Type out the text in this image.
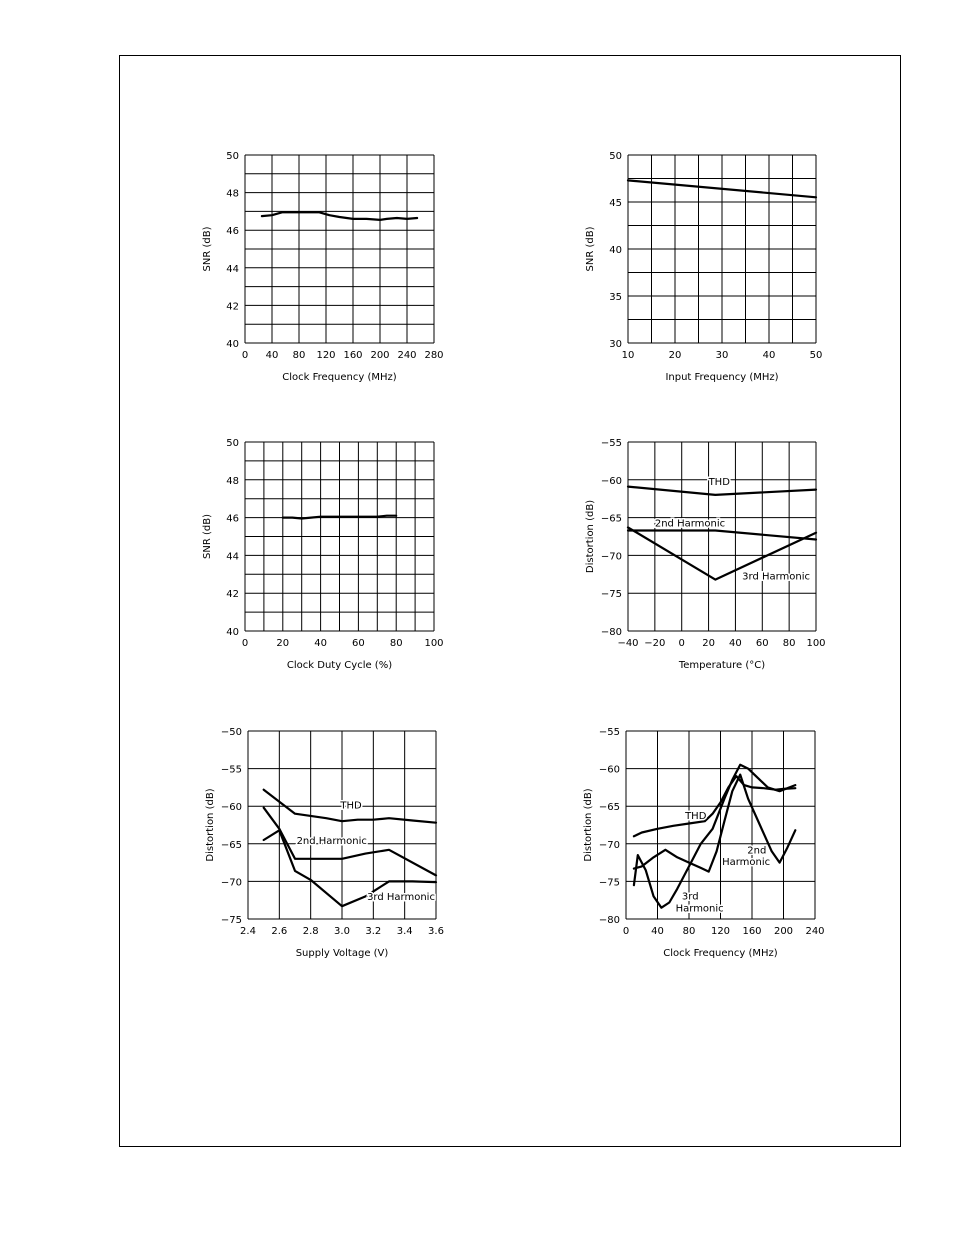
0 40 80 120 160 200 240 280
40
42
44
46
48
50
Clock Frequency (MHz)
SNR (dB)
10	20	30	40	50
30
35
40
45
50
Input Frequency (MHz)
SNR (dB)
0	20	40	60	80 100
40
42
44
46
48
50
Clock Duty Cycle (%)
SNR (dB)
−40 −20 0 20 40 60 80 100
−80
−75
−70
−65
−60
−55
Temperature (°C)
Distortion (dB)
THD
2nd Harmonic
3rd Harmonic
2.4 2.6 2.8 3.0 3.2 3.4 3.6
−75
−70
−65
−60
−55
−50
Supply Voltage (V)
Distortion (dB)	THD
2nd Harmonic
3rd Harmonic
0 40 80 120 160 200 240
−80
−75
−70
−65
−60
−55
Clock Frequency (MHz)
Distortion (dB)	THD
2nd
Harmonic
3rd
Harmonic
